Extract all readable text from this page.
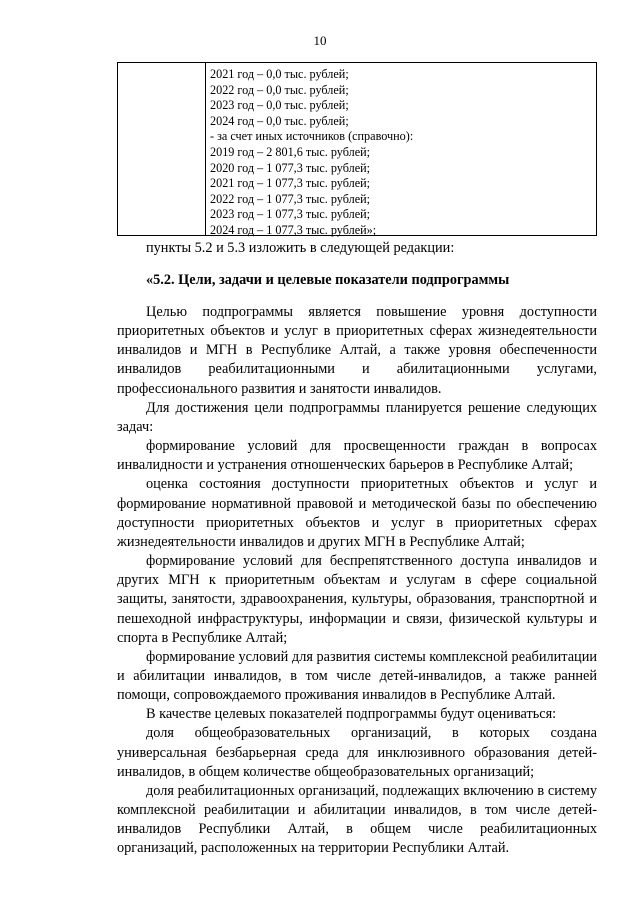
10
2021 год – 0,0 тыс. рублей;
2022 год – 0,0 тыс. рублей;
2023 год – 0,0 тыс. рублей;
2024 год – 0,0 тыс. рублей;
- за счет иных источников (справочно):
2019 год – 2 801,6 тыс. рублей;
2020 год – 1 077,3 тыс. рублей;
2021 год – 1 077,3 тыс. рублей;
2022 год – 1 077,3 тыс. рублей;
2023 год – 1 077,3 тыс. рублей;
2024 год – 1 077,3 тыс. рублей»;
пункты 5.2 и 5.3 изложить в следующей редакции:
«5.2. Цели, задачи и целевые показатели подпрограммы

Целью подпрограммы является повышение уровня доступности приоритетных объектов и услуг в приоритетных сферах жизнедеятельности инвалидов и МГН в Республике Алтай, а также уровня обеспеченности инвалидов реабилитационными и абилитационными услугами, профессионального развития и занятости инвалидов.

Для достижения цели подпрограммы планируется решение следующих задач:

формирование условий для просвещенности граждан в вопросах инвалидности и устранения отношенческих барьеров в Республике Алтай;

оценка состояния доступности приоритетных объектов и услуг и формирование нормативной правовой и методической базы по обеспечению доступности приоритетных объектов и услуг в приоритетных сферах жизнедеятельности инвалидов и других МГН в Республике Алтай;

формирование условий для беспрепятственного доступа инвалидов и других МГН к приоритетным объектам и услугам в сфере социальной защиты, занятости, здравоохранения, культуры, образования, транспортной и пешеходной инфраструктуры, информации и связи, физической культуры и спорта в Республике Алтай;

формирование условий для развития системы комплексной реабилитации и абилитации инвалидов, в том числе детей-инвалидов, а также ранней помощи, сопровождаемого проживания инвалидов в Республике Алтай.

В качестве целевых показателей подпрограммы будут оцениваться:

доля общеобразовательных организаций, в которых создана универсальная безбарьерная среда для инклюзивного образования детей-инвалидов, в общем количестве общеобразовательных организаций;

доля реабилитационных организаций, подлежащих включению в систему комплексной реабилитации и абилитации инвалидов, в том числе детей-инвалидов Республики Алтай, в общем числе реабилитационных организаций, расположенных на территории Республики Алтай.
